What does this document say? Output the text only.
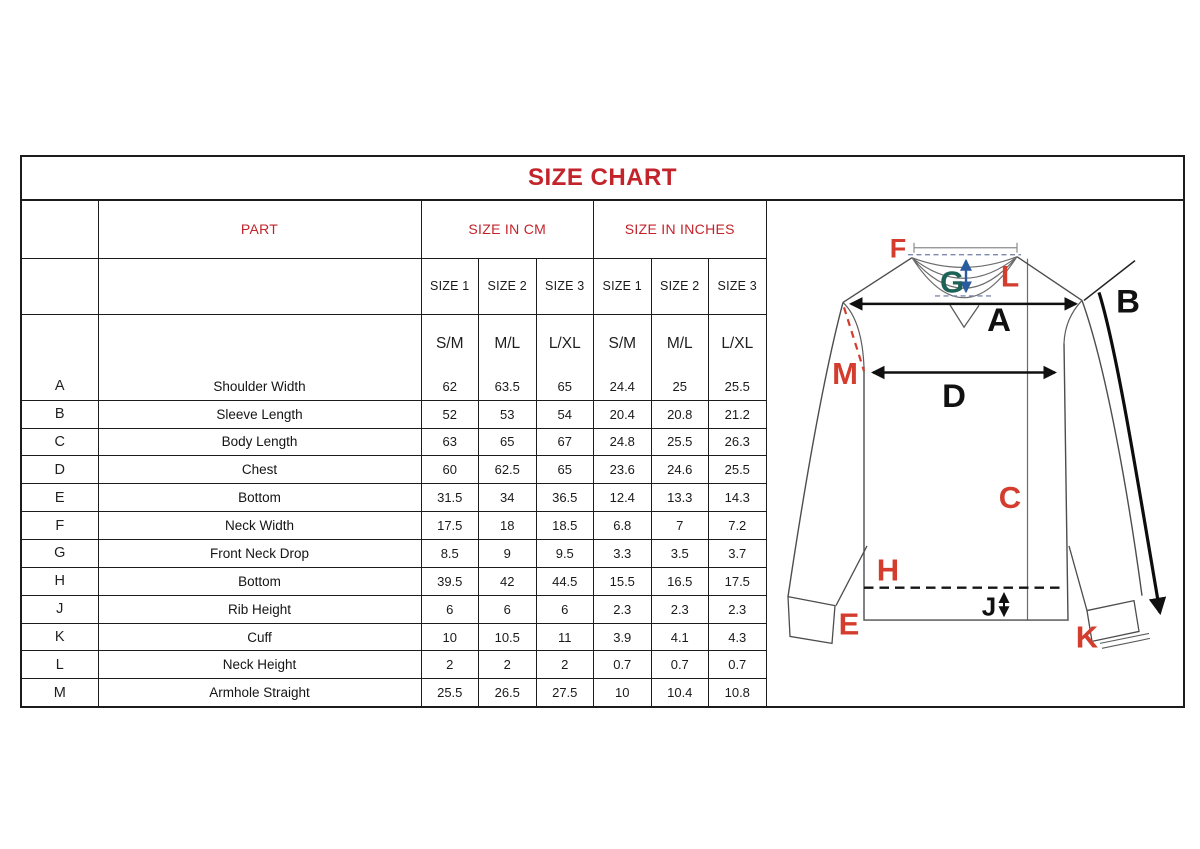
SIZE CHART
	PART	SIZE IN CM			SIZE IN INCHES		
		SIZE 1	SIZE 2	SIZE 3	SIZE 1	SIZE 2	SIZE 3
		S/M	M/L	L/XL	S/M	M/L	L/XL
A	Shoulder Width	62	63.5	65	24.4	25	25.5
B	Sleeve Length	52	53	54	20.4	20.8	21.2
C	Body Length	63	65	67	24.8	25.5	26.3
D	Chest	60	62.5	65	23.6	24.6	25.5
E	Bottom	31.5	34	36.5	12.4	13.3	14.3
F	Neck Width	17.5	18	18.5	6.8	7	7.2
G	Front Neck Drop	8.5	9	9.5	3.3	3.5	3.7
H	Bottom	39.5	42	44.5	15.5	16.5	17.5
J	Rib Height	6	6	6	2.3	2.3	2.3
K	Cuff	10	10.5	11	3.9	4.1	4.3
L	Neck Height	2	2	2	0.7	0.7	0.7
M	Armhole Straight	25.5	26.5	27.5	10	10.4	10.8
F
G L
A
B
M
D
C
H
J
E	K
